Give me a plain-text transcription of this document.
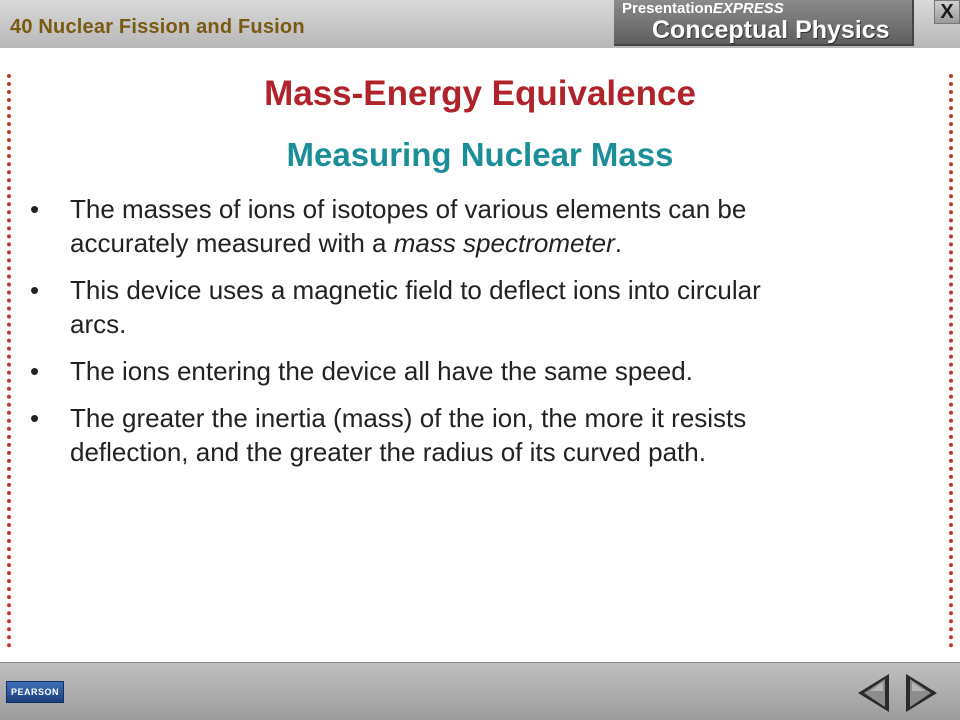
40 Nuclear Fission and Fusion
PresentationEXPRESS
Conceptual Physics
X
Mass-Energy Equivalence
Measuring Nuclear Mass
•	The masses of ions of isotopes of various elements can be accurately measured with a mass spectrometer.
•	This device uses a magnetic field to deflect ions into circular arcs.
•	The ions entering the device all have the same speed.
•	The greater the inertia (mass) of the ion, the more it resists deflection, and the greater the radius of its curved path.
PEARSON
